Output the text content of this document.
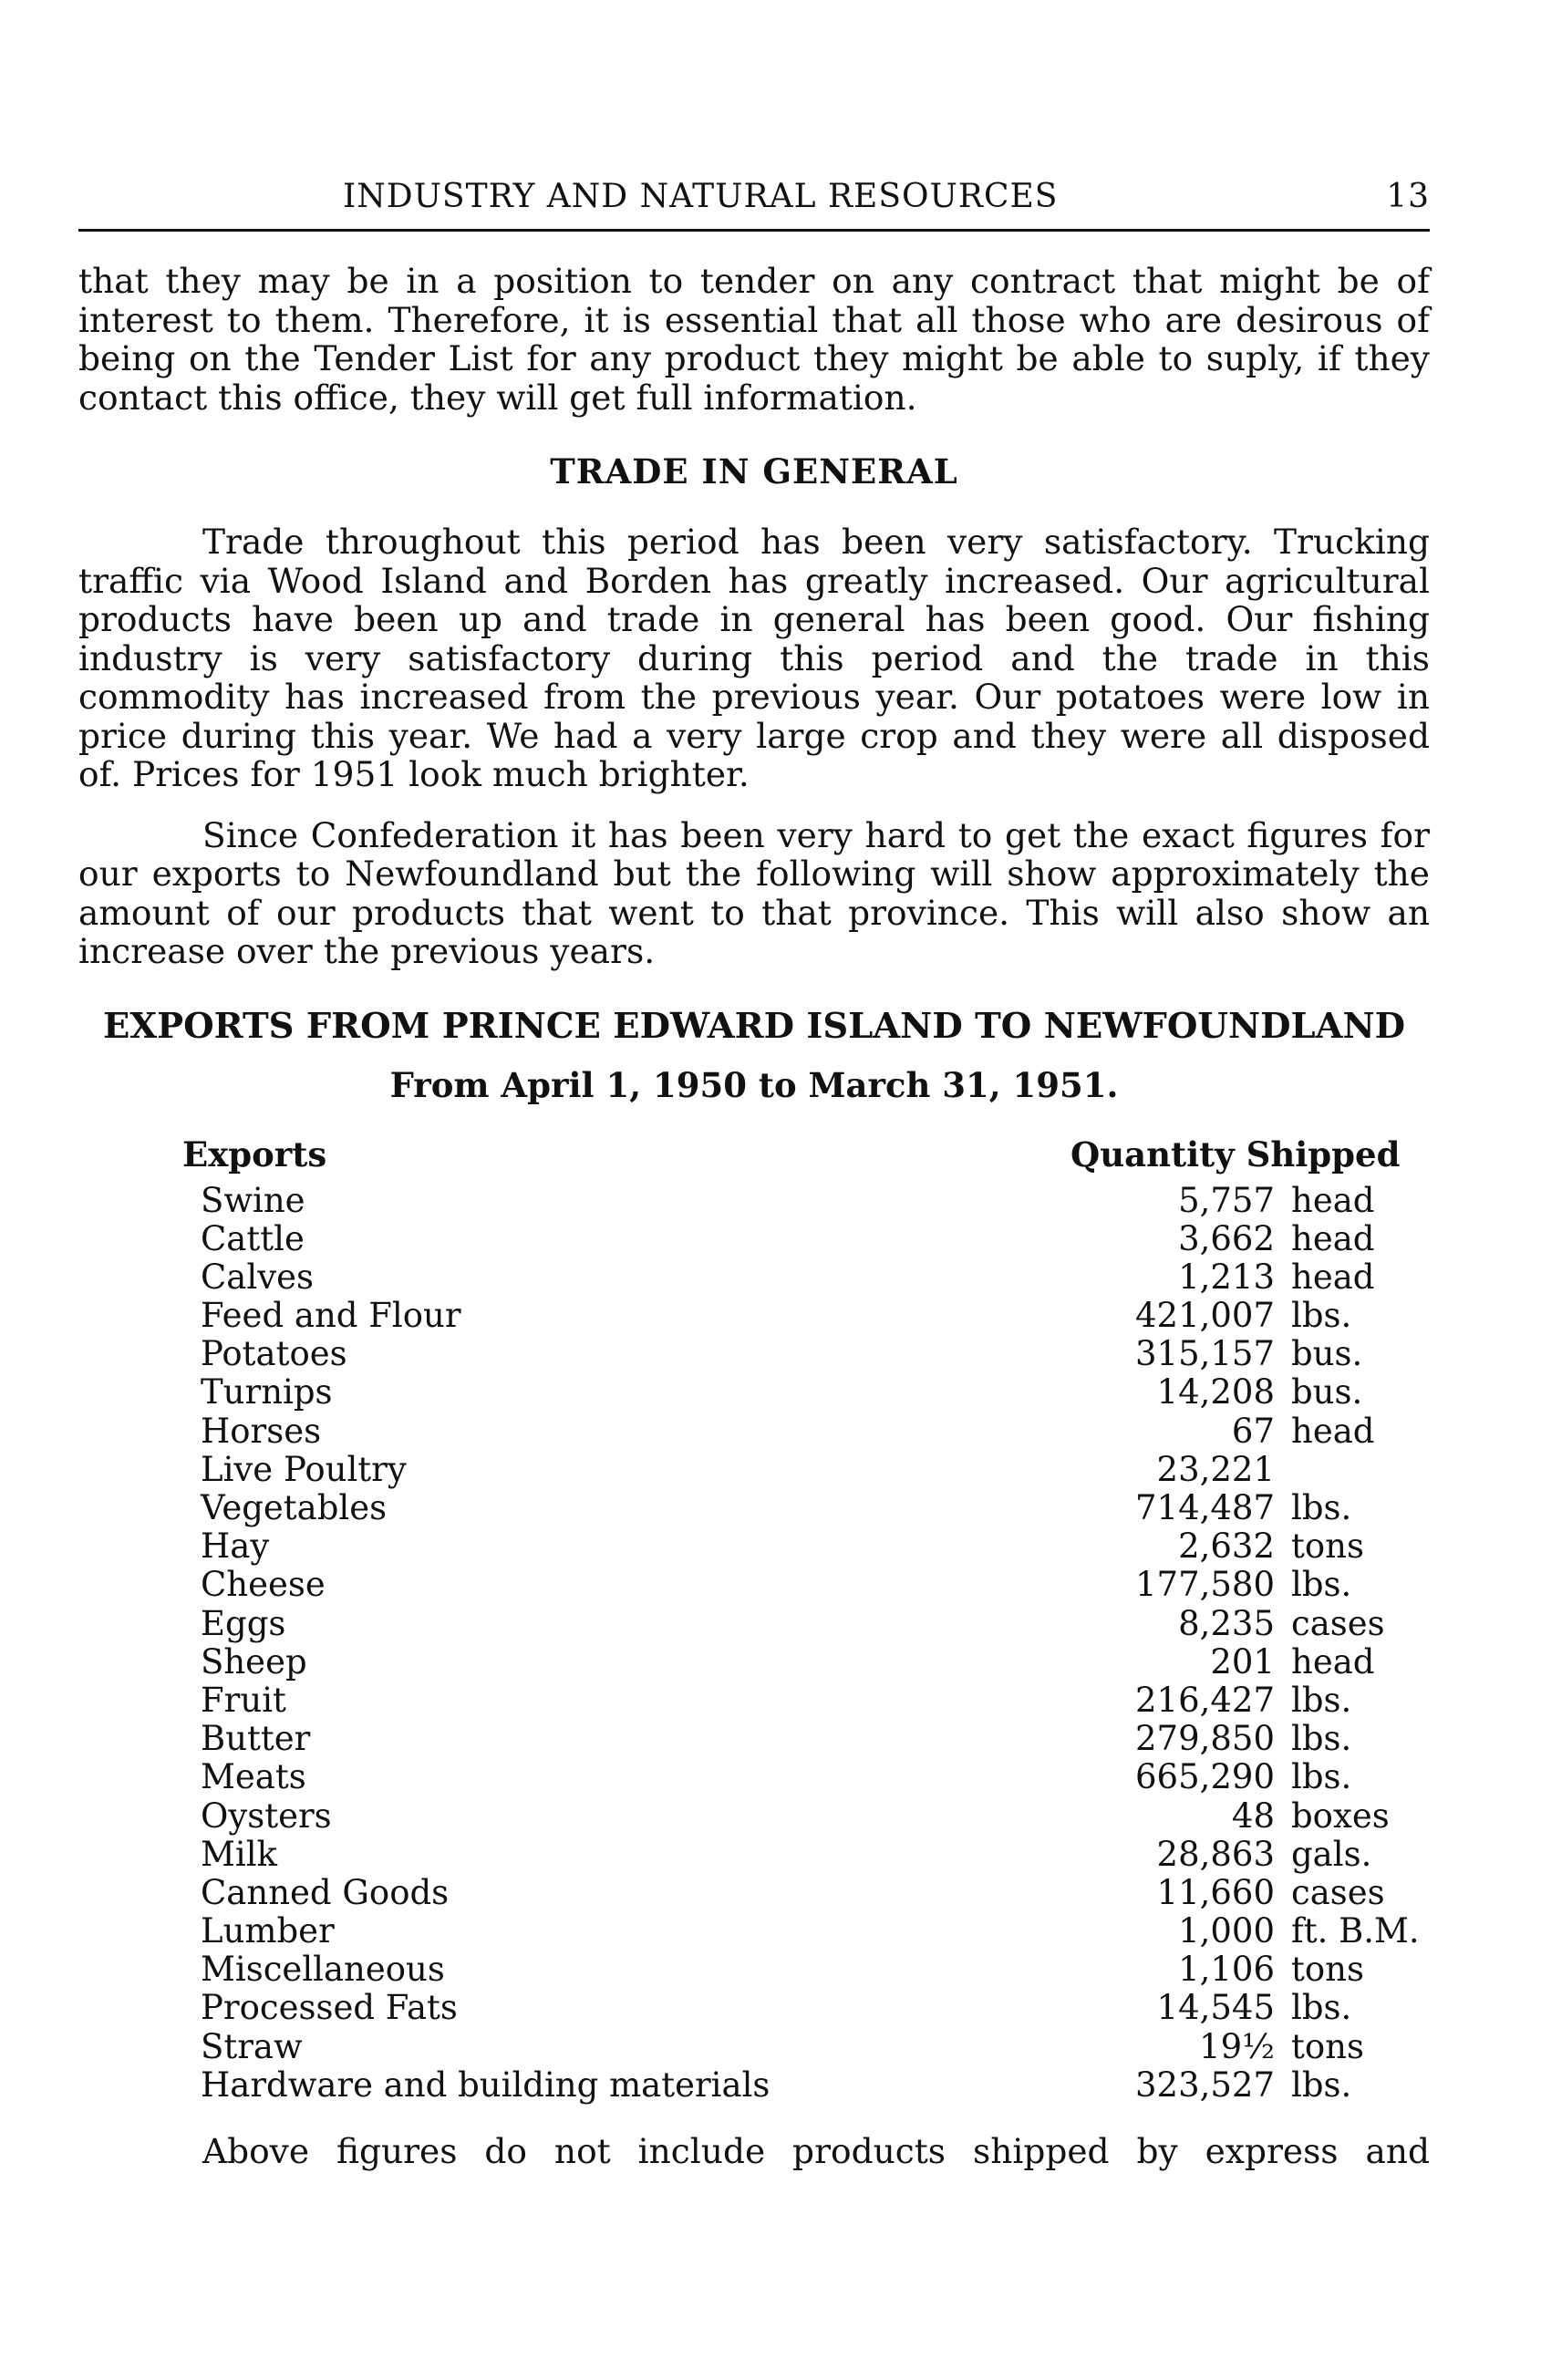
INDUSTRY AND NATURAL RESOURCES	13

that they may be in a position to tender on any contract that might be of interest to them. Therefore, it is essential that all those who are desirous of being on the Tender List for any product they might be able to suply, if they contact this office, they will get full information.

TRADE IN GENERAL

Trade throughout this period has been very satisfactory. Trucking traffic via Wood Island and Borden has greatly increased. Our agricultural products have been up and trade in general has been good. Our fishing industry is very satisfactory during this period and the trade in this commodity has increased from the previous year. Our potatoes were low in price during this year. We had a very large crop and they were all disposed of. Prices for 1951 look much brighter.

Since Confederation it has been very hard to get the exact figures for our exports to Newfoundland but the following will show approximately the amount of our products that went to that province. This will also show an increase over the previous years.

EXPORTS FROM PRINCE EDWARD ISLAND TO NEWFOUNDLAND
From April 1, 1950 to March 31, 1951.
Exports	Quantity Shipped
Swine	5,757 head
Cattle	3,662 head
Calves	1,213 head
Feed and Flour	421,007 lbs.
Potatoes	315,157 bus.
Turnips	14,208 bus.
Horses	67 head
Live Poultry	23,221
Vegetables	714,487 lbs.
Hay	2,632 tons
Cheese	177,580 lbs.
Eggs	8,235 cases
Sheep	201 head
Fruit	216,427 lbs.
Butter	279,850 lbs.
Meats	665,290 lbs.
Oysters	48 boxes
Milk	28,863 gals.
Canned Goods	11,660 cases
Lumber	1,000 ft. B.M.
Miscellaneous	1,106 tons
Processed Fats	14,545 lbs.
Straw	19½ tons
Hardware and building materials	323,527 lbs.

Above figures do not include products shipped by express and
